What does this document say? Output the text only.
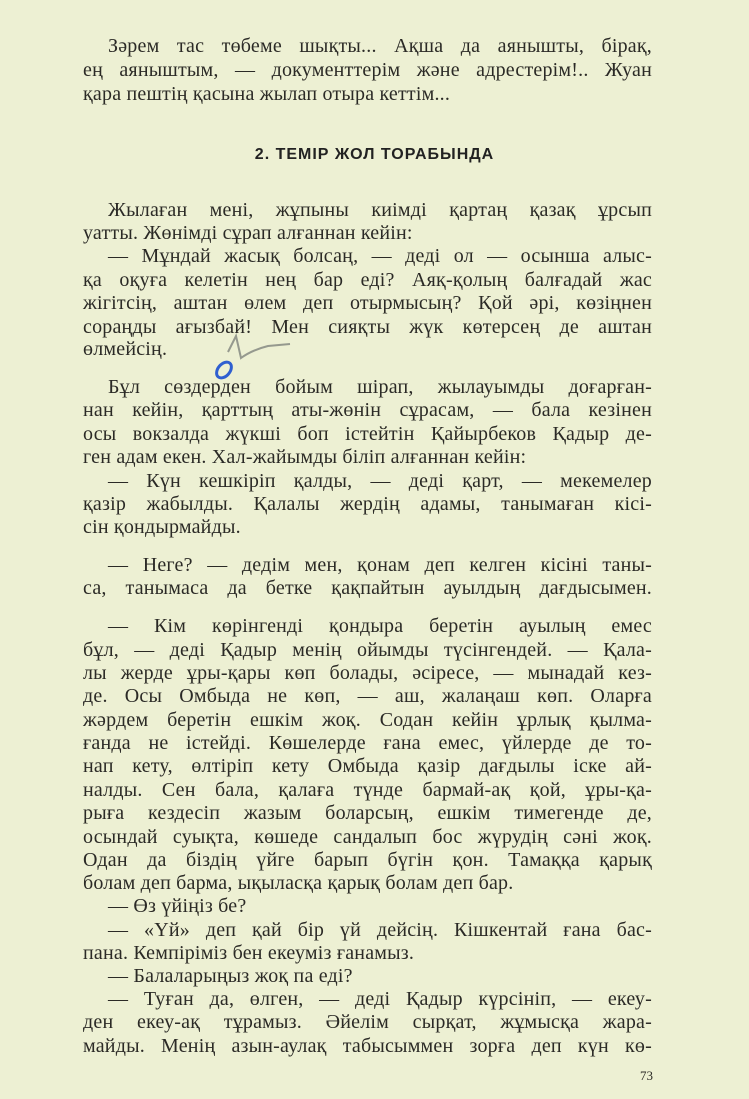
2. ТЕМІР ЖОЛ ТОРАБЫНДА
Зәрем тас төбеме шықты... Ақша да аянышты, бірақ,
ең аяныштым, — документтерім және адрестерім!.. Жуан
қара пештің қасына жылап отыра кеттім...
Жылаған мені, жұпыны киімді қартаң қазақ ұрсып
уатты. Жөнімді сұрап алғаннан кейін:
— Мұндай жасық болсаң, — деді ол — осынша алыс-
қа оқуға келетін нең бар еді? Аяқ-қолың балғадай жас
жігітсің, аштан өлем деп отырмысың? Қой әрі, көзіңнен
сораңды ағызбай! Мен сияқты жүк көтерсең де аштан
өлмейсің.
Бұл сөздерден бойым шірап, жылауымды доғарған-
нан кейін, қарттың аты-жөнін сұрасам, — бала кезінен
осы вокзалда жүкші боп істейтін Қайырбеков Қадыр де-
ген адам екен. Хал-жайымды біліп алғаннан кейін:
— Күн кешкіріп қалды, — деді қарт, — мекемелер
қазір жабылды. Қалалы жердің адамы, танымаған кісі-
сін қондырмайды.
— Неге? — дедім мен, қонам деп келген кісіні таны-
са, танымаса да бетке қақпайтын ауылдың дағдысымен.
— Кім көрінгенді қондыра беретін ауылың емес
бұл, — деді Қадыр менің ойымды түсінгендей. — Қала-
лы жерде ұры-қары көп болады, әсіресе, — мынадай кез-
де. Осы Омбыда не көп, — аш, жалаңаш көп. Оларға
жәрдем беретін ешкім жоқ. Содан кейін ұрлық қылма-
ғанда не істейді. Көшелерде ғана емес, үйлерде де то-
нап кету, өлтіріп кету Омбыда қазір дағдылы іске ай-
налды. Сен бала, қалаға түнде бармай-ақ қой, ұры-қа-
рыға кездесіп жазым боларсың, ешкім тимегенде де,
осындай суықта, көшеде сандалып бос жүрудің сәні жоқ.
Одан да біздің үйге барып бүгін қон. Тамаққа қарық
болам деп барма, ықыласқа қарық болам деп бар.
— Өз үйіңіз бе?
— «Үй» деп қай бір үй дейсің. Кішкентай ғана бас-
пана. Кемпіріміз бен екеуміз ғанамыз.
— Балаларыңыз жоқ па еді?
— Туған да, өлген, — деді Қадыр күрсініп, — екеу-
ден екеу-ақ тұрамыз. Әйелім сырқат, жұмысқа жара-
майды. Менің азын-аулақ табысыммен зорға деп күн кө-
73
